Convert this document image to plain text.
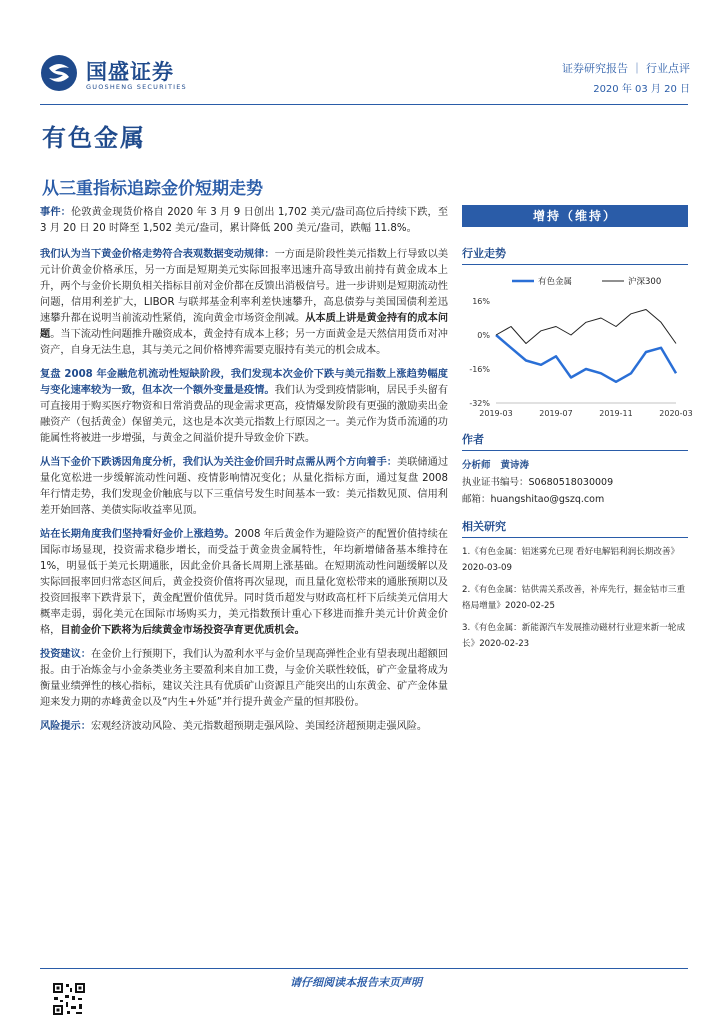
国盛证券
GUOSHENG SECURITIES
证券研究报告 ｜ 行业点评
2020 年 03 月 20 日
有色金属
从三重指标追踪金价短期走势

事件：伦敦黄金现货价格自 2020 年 3 月 9 日创出 1,702 美元/盎司高位后持续下跌，至 3 月 20 日 20 时降至 1,502 美元/盎司，累计降低 200 美元/盎司，跌幅 11.8%。

我们认为当下黄金价格走势符合表观数据变动规律：一方面是阶段性美元指数上行导致以美元计价黄金价格承压，另一方面是短期美元实际回报率迅速升高导致出前持有黄金成本上升，两个与金价长期负相关指标目前对金价都在反馈出消极信号。进一步讲则是短期流动性问题，信用利差扩大，LIBOR 与联邦基金利率利差快速攀升，高息债券与美国国债利差迅速攀升都在说明当前流动性紧俏，流向黄金市场资金削减。从本质上讲是黄金持有的成本问题。当下流动性问题推升融资成本，黄金持有成本上移；另一方面黄金是天然信用货币对冲资产，自身无法生息，其与美元之间价格博弈需要克服持有美元的机会成本。

复盘 2008 年金融危机流动性短缺阶段，我们发现本次金价下跌与美元指数上涨趋势幅度与变化速率较为一致，但本次一个额外变量是疫情。我们认为受到疫情影响，居民手头留有可直接用于购买医疗物资和日常消费品的现金需求更高，疫情爆发阶段有更强的激励卖出金融资产（包括黄金）保留美元，这也是本次美元指数上行原因之一。美元作为货币流通的功能属性将被进一步增强，与黄金之间溢价提升导致金价下跌。

从当下金价下跌诱因角度分析，我们认为关注金价回升时点需从两个方向着手：美联储通过量化宽松进一步缓解流动性问题、疫情影响情况变化；从量化指标方面，通过复盘 2008 年行情走势，我们发现金价触底与以下三重信号发生时间基本一致：美元指数见顶、信用利差开始回落、美债实际收益率见顶。

站在长期角度我们坚持看好金价上涨趋势。2008 年后黄金作为避险资产的配置价值持续在国际市场显现，投资需求稳步增长，而受益于黄金贵金属特性，年均新增储备基本维持在 1%，明显低于美元长期通胀，因此金价具备长周期上涨基础。在短期流动性问题缓解以及实际回报率回归常态区间后，黄金投资价值将再次显现，而且量化宽松带来的通胀预期以及投资回报率下跌背景下，黄金配置价值优异。同时货币超发与财政高杠杆下后续美元信用大概率走弱，弱化美元在国际市场购买力，美元指数预计重心下移进而推升美元计价黄金价格，目前金价下跌将为后续黄金市场投资孕育更优质机会。

投资建议：在金价上行预期下，我们认为盈利水平与金价呈现高弹性企业有望表现出超额回报。由于冶炼金与小金条类业务主要盈利来自加工费，与金价关联性较低，矿产金量将成为衡量业绩弹性的核心指标，建议关注具有优质矿山资源且产能突出的山东黄金、矿产金体量迎来发力期的赤峰黄金以及“内生+外延”并行提升黄金产量的恒邦股份。

风险提示：宏观经济波动风险、美元指数超预期走强风险、美国经济超预期走强风险。

增持（维持）
行业走势
有色金属	沪深300
16%
0%
-16%
-32%
2019-03	2019-07	2019-11	2020-03
作者
分析师 黄诗涛
执业证书编号：S0680518030009
邮箱：huangshitao@gszq.com
相关研究
1.《有色金属：铝迷雾允已现 看好电解铝利润长期改善》2020-03-09
2.《有色金属：钴供需关系改善，补库先行，掘金钴市三重格局增量》2020-02-25
3.《有色金属：新能源汽车发展推动磁材行业迎来新一轮成长》2020-02-23
请仔细阅读本报告末页声明
